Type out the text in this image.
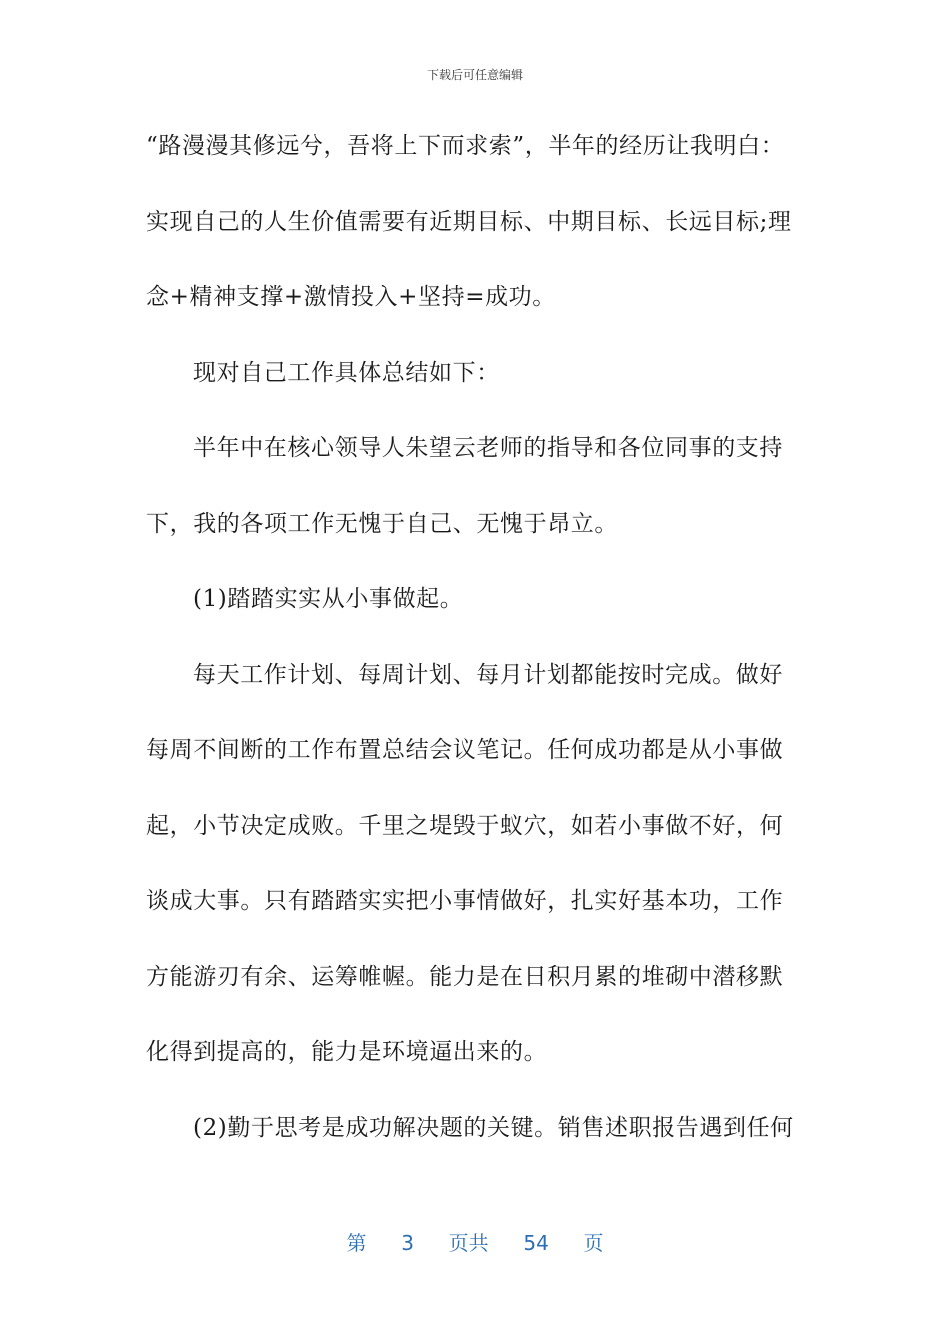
下载后可任意编辑
“路漫漫其修远兮，吾将上下而求索”，半年的经历让我明白：
实现自己的人生价值需要有近期目标、中期目标、长远目标;理
念+精神支撑+激情投入+坚持=成功。
现对自己工作具体总结如下：
半年中在核心领导人朱望云老师的指导和各位同事的支持
下，我的各项工作无愧于自己、无愧于昂立。
(1)踏踏实实从小事做起。
每天工作计划、每周计划、每月计划都能按时完成。做好
每周不间断的工作布置总结会议笔记。任何成功都是从小事做
起，小节决定成败。千里之堤毁于蚁穴，如若小事做不好，何
谈成大事。只有踏踏实实把小事情做好，扎实好基本功，工作
方能游刃有余、运筹帷幄。能力是在日积月累的堆砌中潜移默
化得到提高的，能力是环境逼出来的。
(2)勤于思考是成功解决题的关键。销售述职报告遇到任何
第 3 页共 54 页
